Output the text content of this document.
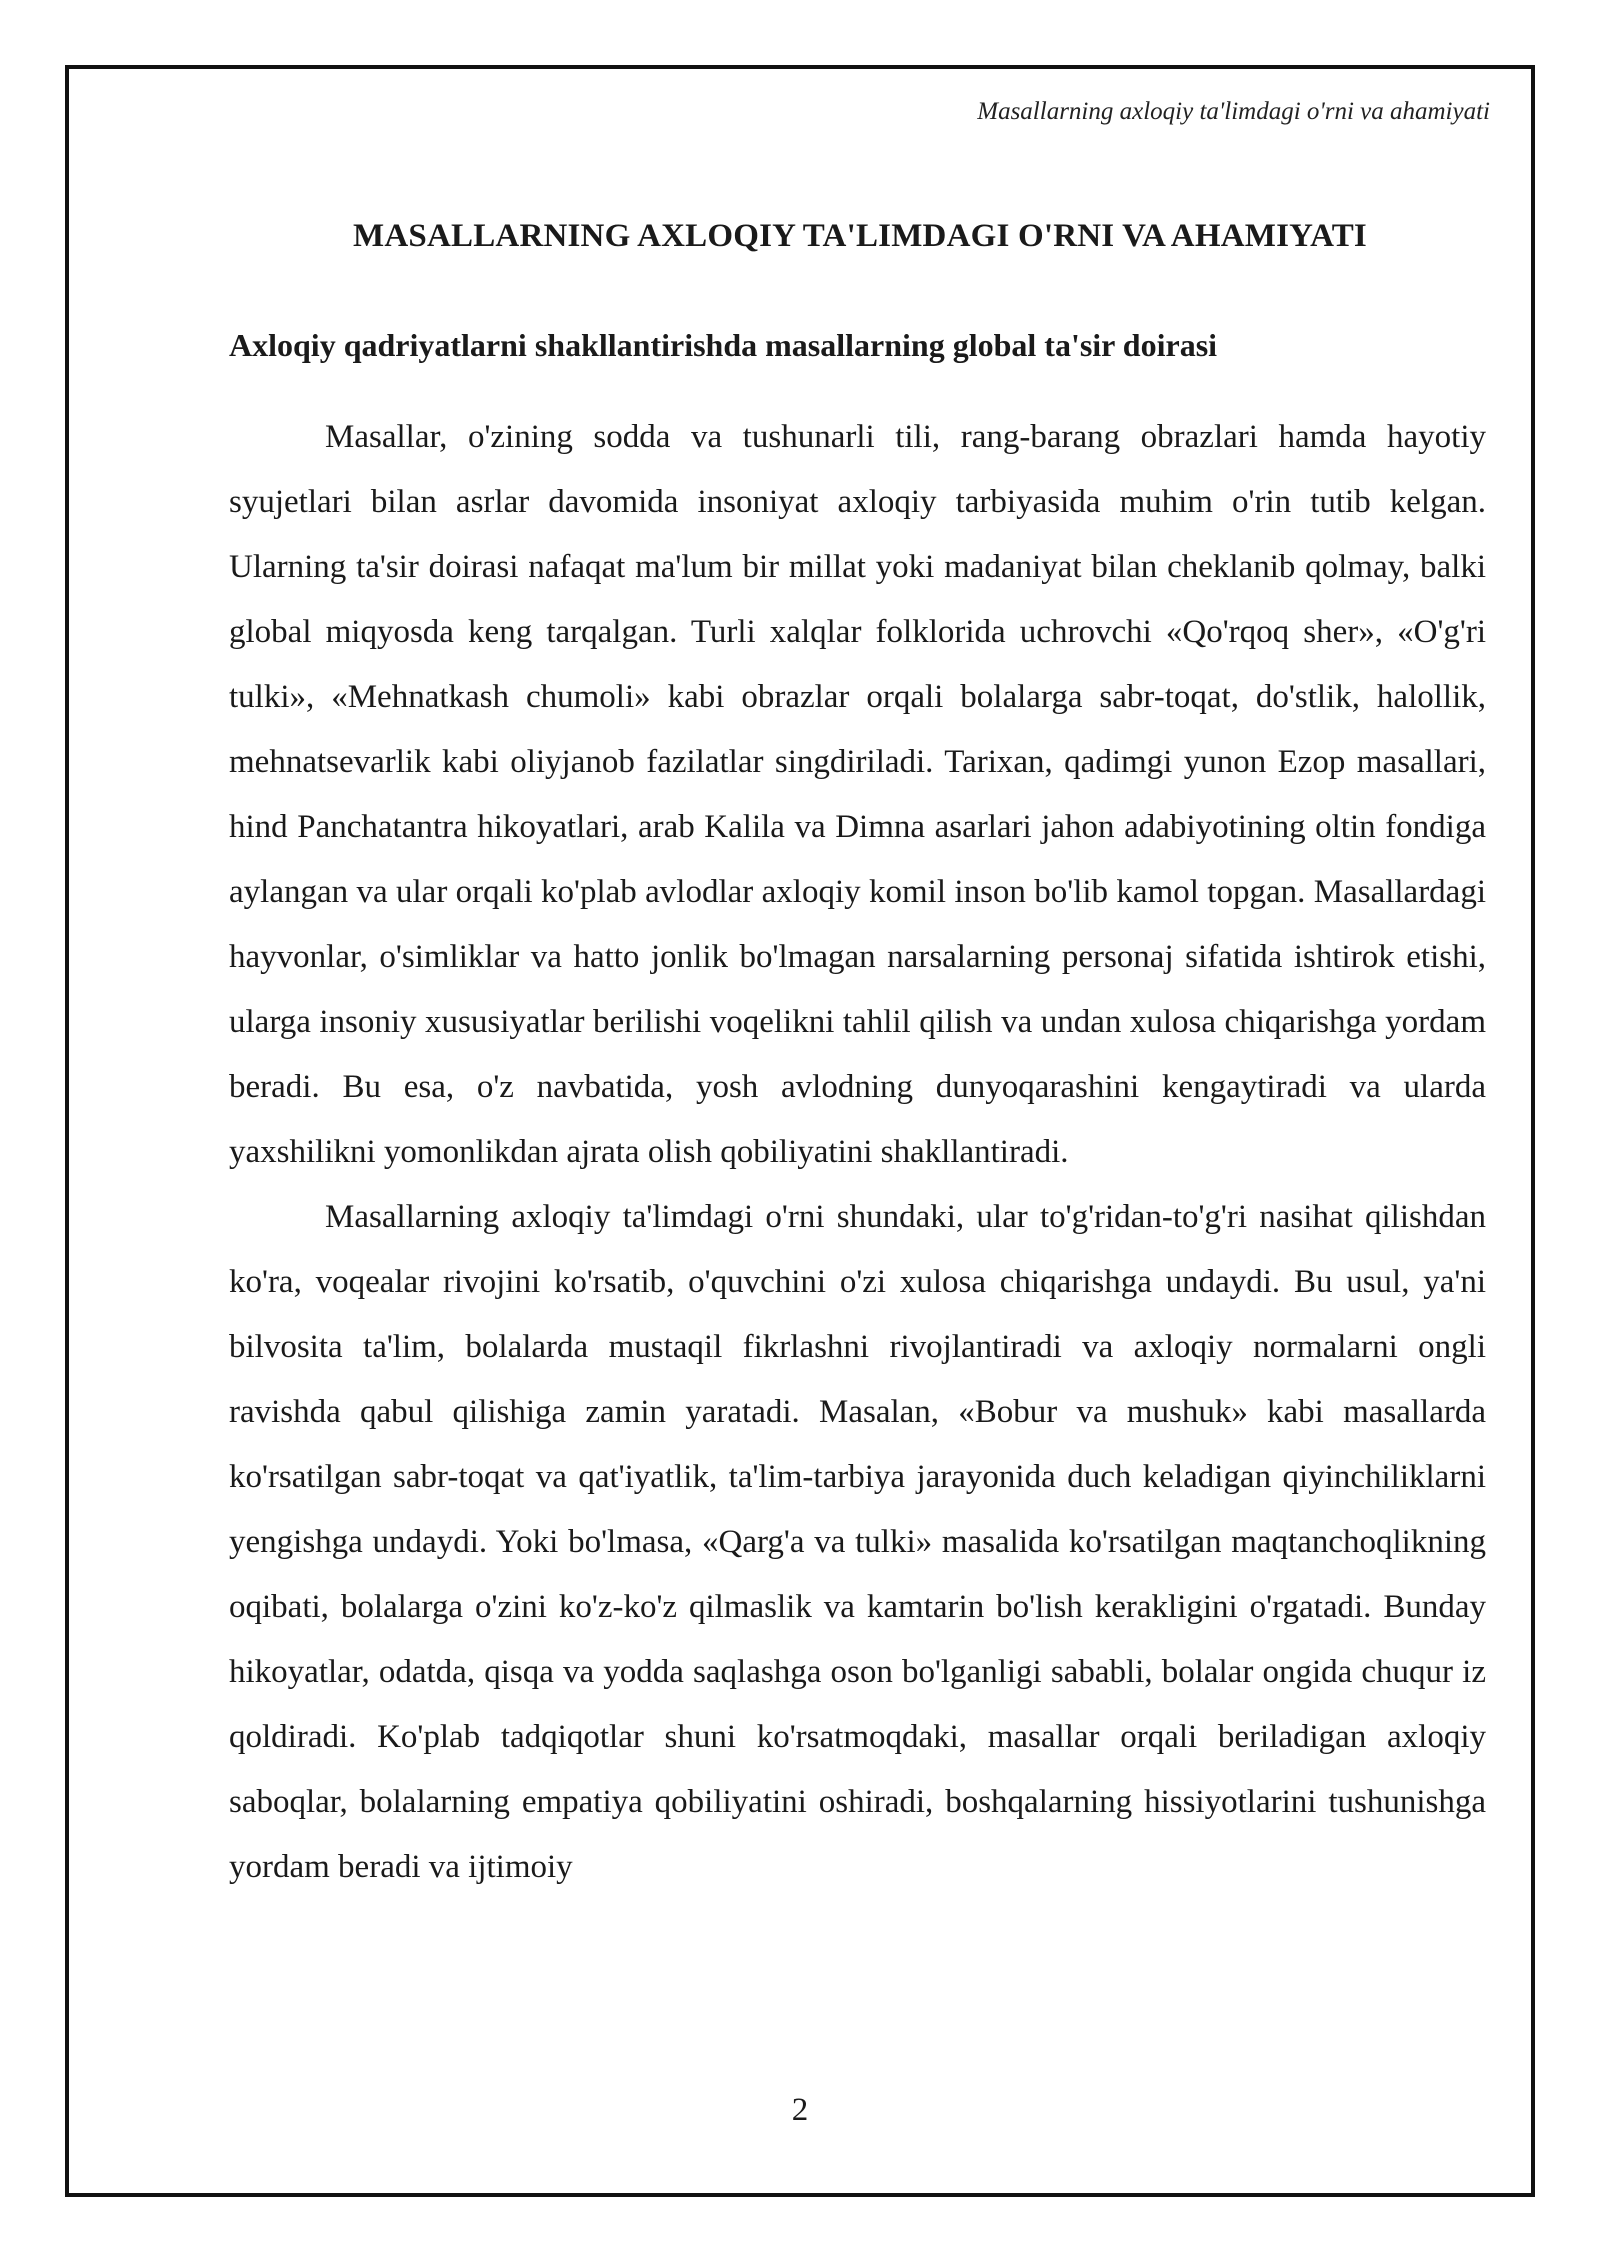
Masallarning axloqiy ta'limdagi o'rni va ahamiyati
MASALLARNING AXLOQIY TA'LIMDAGI O'RNI VA AHAMIYATI
Axloqiy qadriyatlarni shakllantirishda masallarning global ta'sir doirasi

Masallar, o'zining sodda va tushunarli tili, rang-barang obrazlari hamda hayotiy syujetlari bilan asrlar davomida insoniyat axloqiy tarbiyasida muhim o'rin tutib kelgan. Ularning ta'sir doirasi nafaqat ma'lum bir millat yoki madaniyat bilan cheklanib qolmay, balki global miqyosda keng tarqalgan. Turli xalqlar folklorida uchrovchi «Qo'rqoq sher», «O'g'ri tulki», «Mehnatkash chumoli» kabi obrazlar orqali bolalarga sabr-toqat, do'stlik, halollik, mehnatsevarlik kabi oliyjanob fazilatlar singdiriladi. Tarixan, qadimgi yunon Ezop masallari, hind Panchatantra hikoyatlari, arab Kalila va Dimna asarlari jahon adabiyotining oltin fondiga aylangan va ular orqali ko'plab avlodlar axloqiy komil inson bo'lib kamol topgan. Masallardagi hayvonlar, o'simliklar va hatto jonlik bo'lmagan narsalarning personaj sifatida ishtirok etishi, ularga insoniy xususiyatlar berilishi voqelikni tahlil qilish va undan xulosa chiqarishga yordam beradi. Bu esa, o'z navbatida, yosh avlodning dunyoqarashini kengaytiradi va ularda yaxshilikni yomonlikdan ajrata olish qobiliyatini shakllantiradi.

Masallarning axloqiy ta'limdagi o'rni shundaki, ular to'g'ridan-to'g'ri nasihat qilishdan ko'ra, voqealar rivojini ko'rsatib, o'quvchini o'zi xulosa chiqarishga undaydi. Bu usul, ya'ni bilvosita ta'lim, bolalarda mustaqil fikrlashni rivojlantiradi va axloqiy normalarni ongli ravishda qabul qilishiga zamin yaratadi. Masalan, «Bobur va mushuk» kabi masallarda ko'rsatilgan sabr-toqat va qat'iyatlik, ta'lim-tarbiya jarayonida duch keladigan qiyinchiliklarni yengishga undaydi. Yoki bo'lmasa, «Qarg'a va tulki» masalida ko'rsatilgan maqtanchoqlikning oqibati, bolalarga o'zini ko'z-ko'z qilmaslik va kamtarin bo'lish kerakligini o'rgatadi. Bunday hikoyatlar, odatda, qisqa va yodda saqlashga oson bo'lganligi sababli, bolalar ongida chuqur iz qoldiradi. Ko'plab tadqiqotlar shuni ko'rsatmoqdaki, masallar orqali beriladigan axloqiy saboqlar, bolalarning empatiya qobiliyatini oshiradi, boshqalarning hissiyotlarini tushunishga yordam beradi va ijtimoiy

2
